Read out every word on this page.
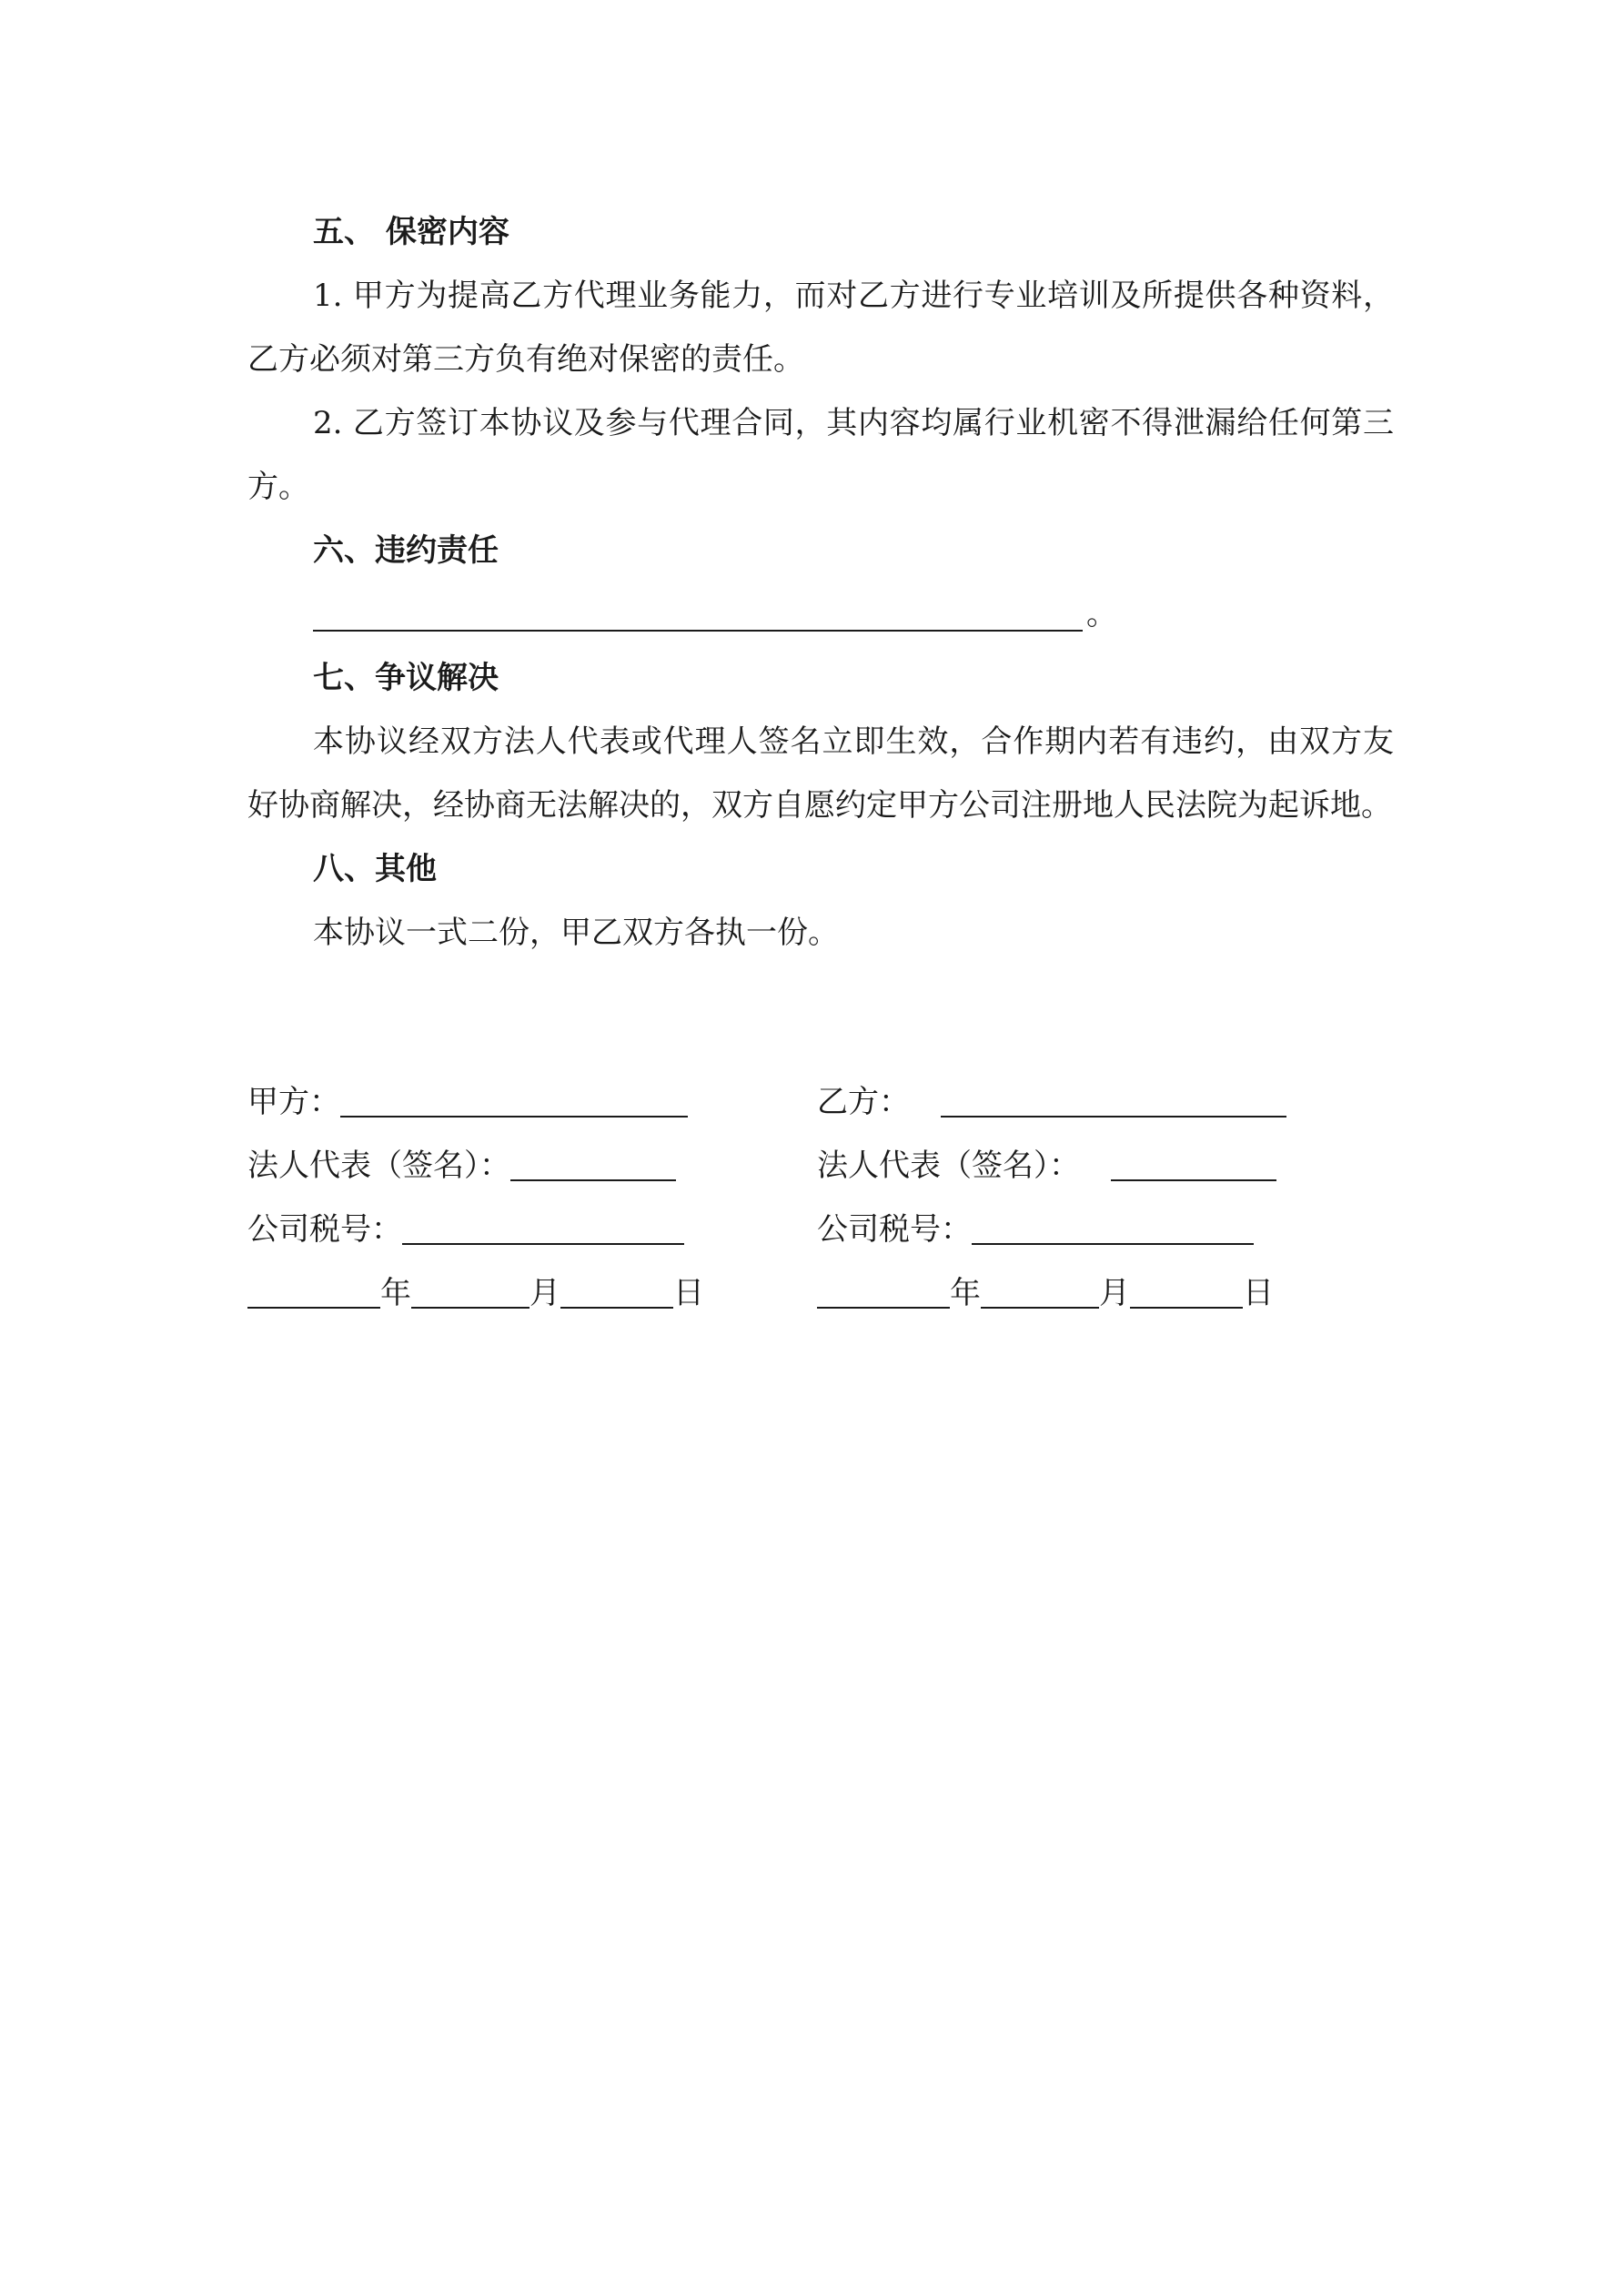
五、 保密内容
1. 甲方为提高乙方代理业务能力，而对乙方进行专业培训及所提供各种资料，乙方必须对第三方负有绝对保密的责任。
2. 乙方签订本协议及参与代理合同，其内容均属行业机密不得泄漏给任何第三方。
六、违约责任
。
七、争议解决
本协议经双方法人代表或代理人签名立即生效，合作期内若有违约，由双方友好协商解决，经协商无法解决的，双方自愿约定甲方公司注册地人民法院为起诉地。
八、其他
本协议一式二份，甲乙双方各执一份。
甲方：	乙方：
法人代表（签名）：	法人代表（签名）：
公司税号：	公司税号：
年	月	日	年	月	日
